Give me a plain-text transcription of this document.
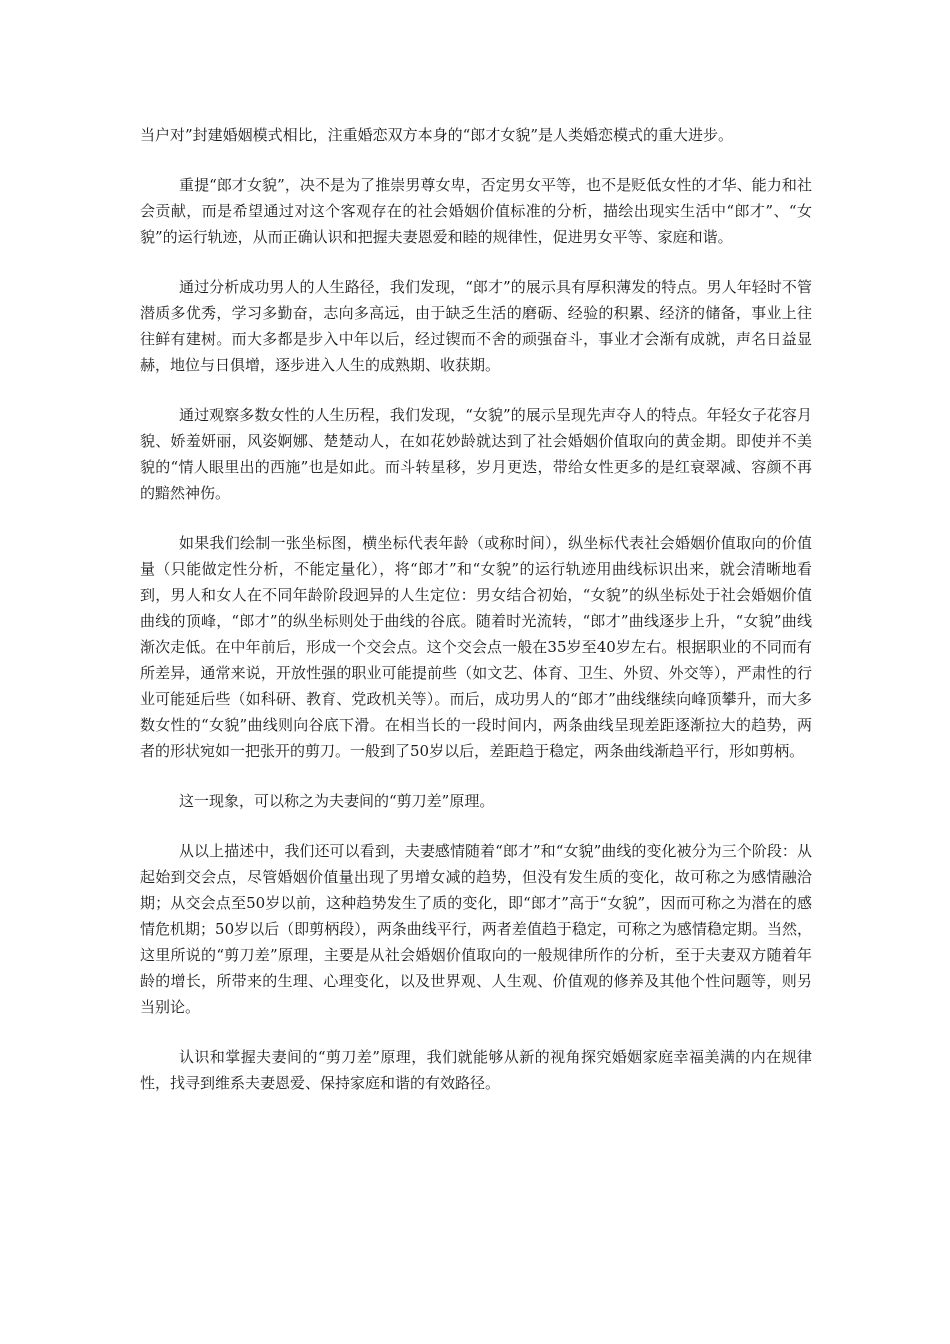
当户对”封建婚姻模式相比，注重婚恋双方本身的“郎才女貌”是人类婚恋模式的重大进步。

重提“郎才女貌”，决不是为了推崇男尊女卑，否定男女平等，也不是贬低女性的才华、能力和社会贡献，而是希望通过对这个客观存在的社会婚姻价值标准的分析，描绘出现实生活中“郎才”、“女貌”的运行轨迹，从而正确认识和把握夫妻恩爱和睦的规律性，促进男女平等、家庭和谐。

通过分析成功男人的人生路径，我们发现，“郎才”的展示具有厚积薄发的特点。男人年轻时不管潜质多优秀，学习多勤奋，志向多高远，由于缺乏生活的磨砺、经验的积累、经济的储备，事业上往往鲜有建树。而大多都是步入中年以后，经过锲而不舍的顽强奋斗，事业才会渐有成就，声名日益显赫，地位与日俱增，逐步进入人生的成熟期、收获期。

通过观察多数女性的人生历程，我们发现，“女貌”的展示呈现先声夺人的特点。年轻女子花容月貌、娇羞妍丽，风姿婀娜、楚楚动人，在如花妙龄就达到了社会婚姻价值取向的黄金期。即使并不美貌的“情人眼里出的西施”也是如此。而斗转星移，岁月更迭，带给女性更多的是红衰翠减、容颜不再的黯然神伤。

如果我们绘制一张坐标图，横坐标代表年龄（或称时间），纵坐标代表社会婚姻价值取向的价值量（只能做定性分析，不能定量化），将“郎才”和“女貌”的运行轨迹用曲线标识出来，就会清晰地看到，男人和女人在不同年龄阶段迥异的人生定位：男女结合初始，“女貌”的纵坐标处于社会婚姻价值曲线的顶峰，“郎才”的纵坐标则处于曲线的谷底。随着时光流转，“郎才”曲线逐步上升，“女貌”曲线渐次走低。在中年前后，形成一个交会点。这个交会点一般在35岁至40岁左右。根据职业的不同而有所差异，通常来说，开放性强的职业可能提前些（如文艺、体育、卫生、外贸、外交等），严肃性的行业可能延后些（如科研、教育、党政机关等）。而后，成功男人的“郎才”曲线继续向峰顶攀升，而大多数女性的“女貌”曲线则向谷底下滑。在相当长的一段时间内，两条曲线呈现差距逐渐拉大的趋势，两者的形状宛如一把张开的剪刀。一般到了50岁以后，差距趋于稳定，两条曲线渐趋平行，形如剪柄。

这一现象，可以称之为夫妻间的“剪刀差”原理。

从以上描述中，我们还可以看到，夫妻感情随着“郎才”和“女貌”曲线的变化被分为三个阶段：从起始到交会点，尽管婚姻价值量出现了男增女减的趋势，但没有发生质的变化，故可称之为感情融洽期；从交会点至50岁以前，这种趋势发生了质的变化，即“郎才”高于“女貌”，因而可称之为潜在的感情危机期；50岁以后（即剪柄段），两条曲线平行，两者差值趋于稳定，可称之为感情稳定期。当然，这里所说的“剪刀差”原理，主要是从社会婚姻价值取向的一般规律所作的分析，至于夫妻双方随着年龄的增长，所带来的生理、心理变化，以及世界观、人生观、价值观的修养及其他个性问题等，则另当别论。

认识和掌握夫妻间的“剪刀差”原理，我们就能够从新的视角探究婚姻家庭幸福美满的内在规律性，找寻到维系夫妻恩爱、保持家庭和谐的有效路径。
